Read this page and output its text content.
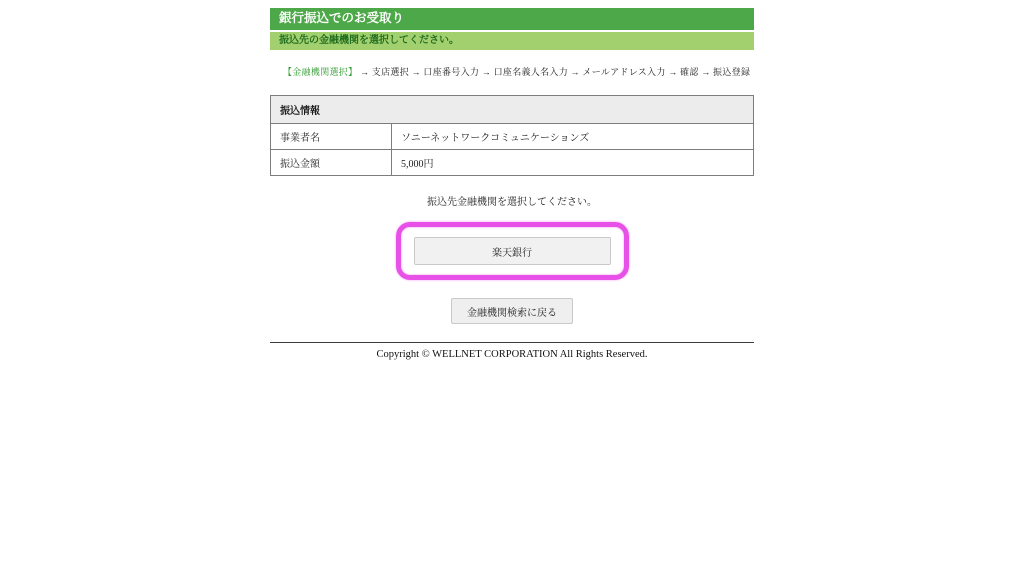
銀行振込でのお受取り
振込先の金融機関を選択してください。
【金融機関選択】 → 支店選択 → 口座番号入力 → 口座名義人名入力 → メールアドレス入力 → 確認 → 振込登録
振込情報	
事業者名	ソニーネットワークコミュニケーションズ
振込金額	5,000円
振込先金融機関を選択してください。
楽天銀行
金融機関検索に戻る
Copyright © WELLNET CORPORATION All Rights Reserved.
